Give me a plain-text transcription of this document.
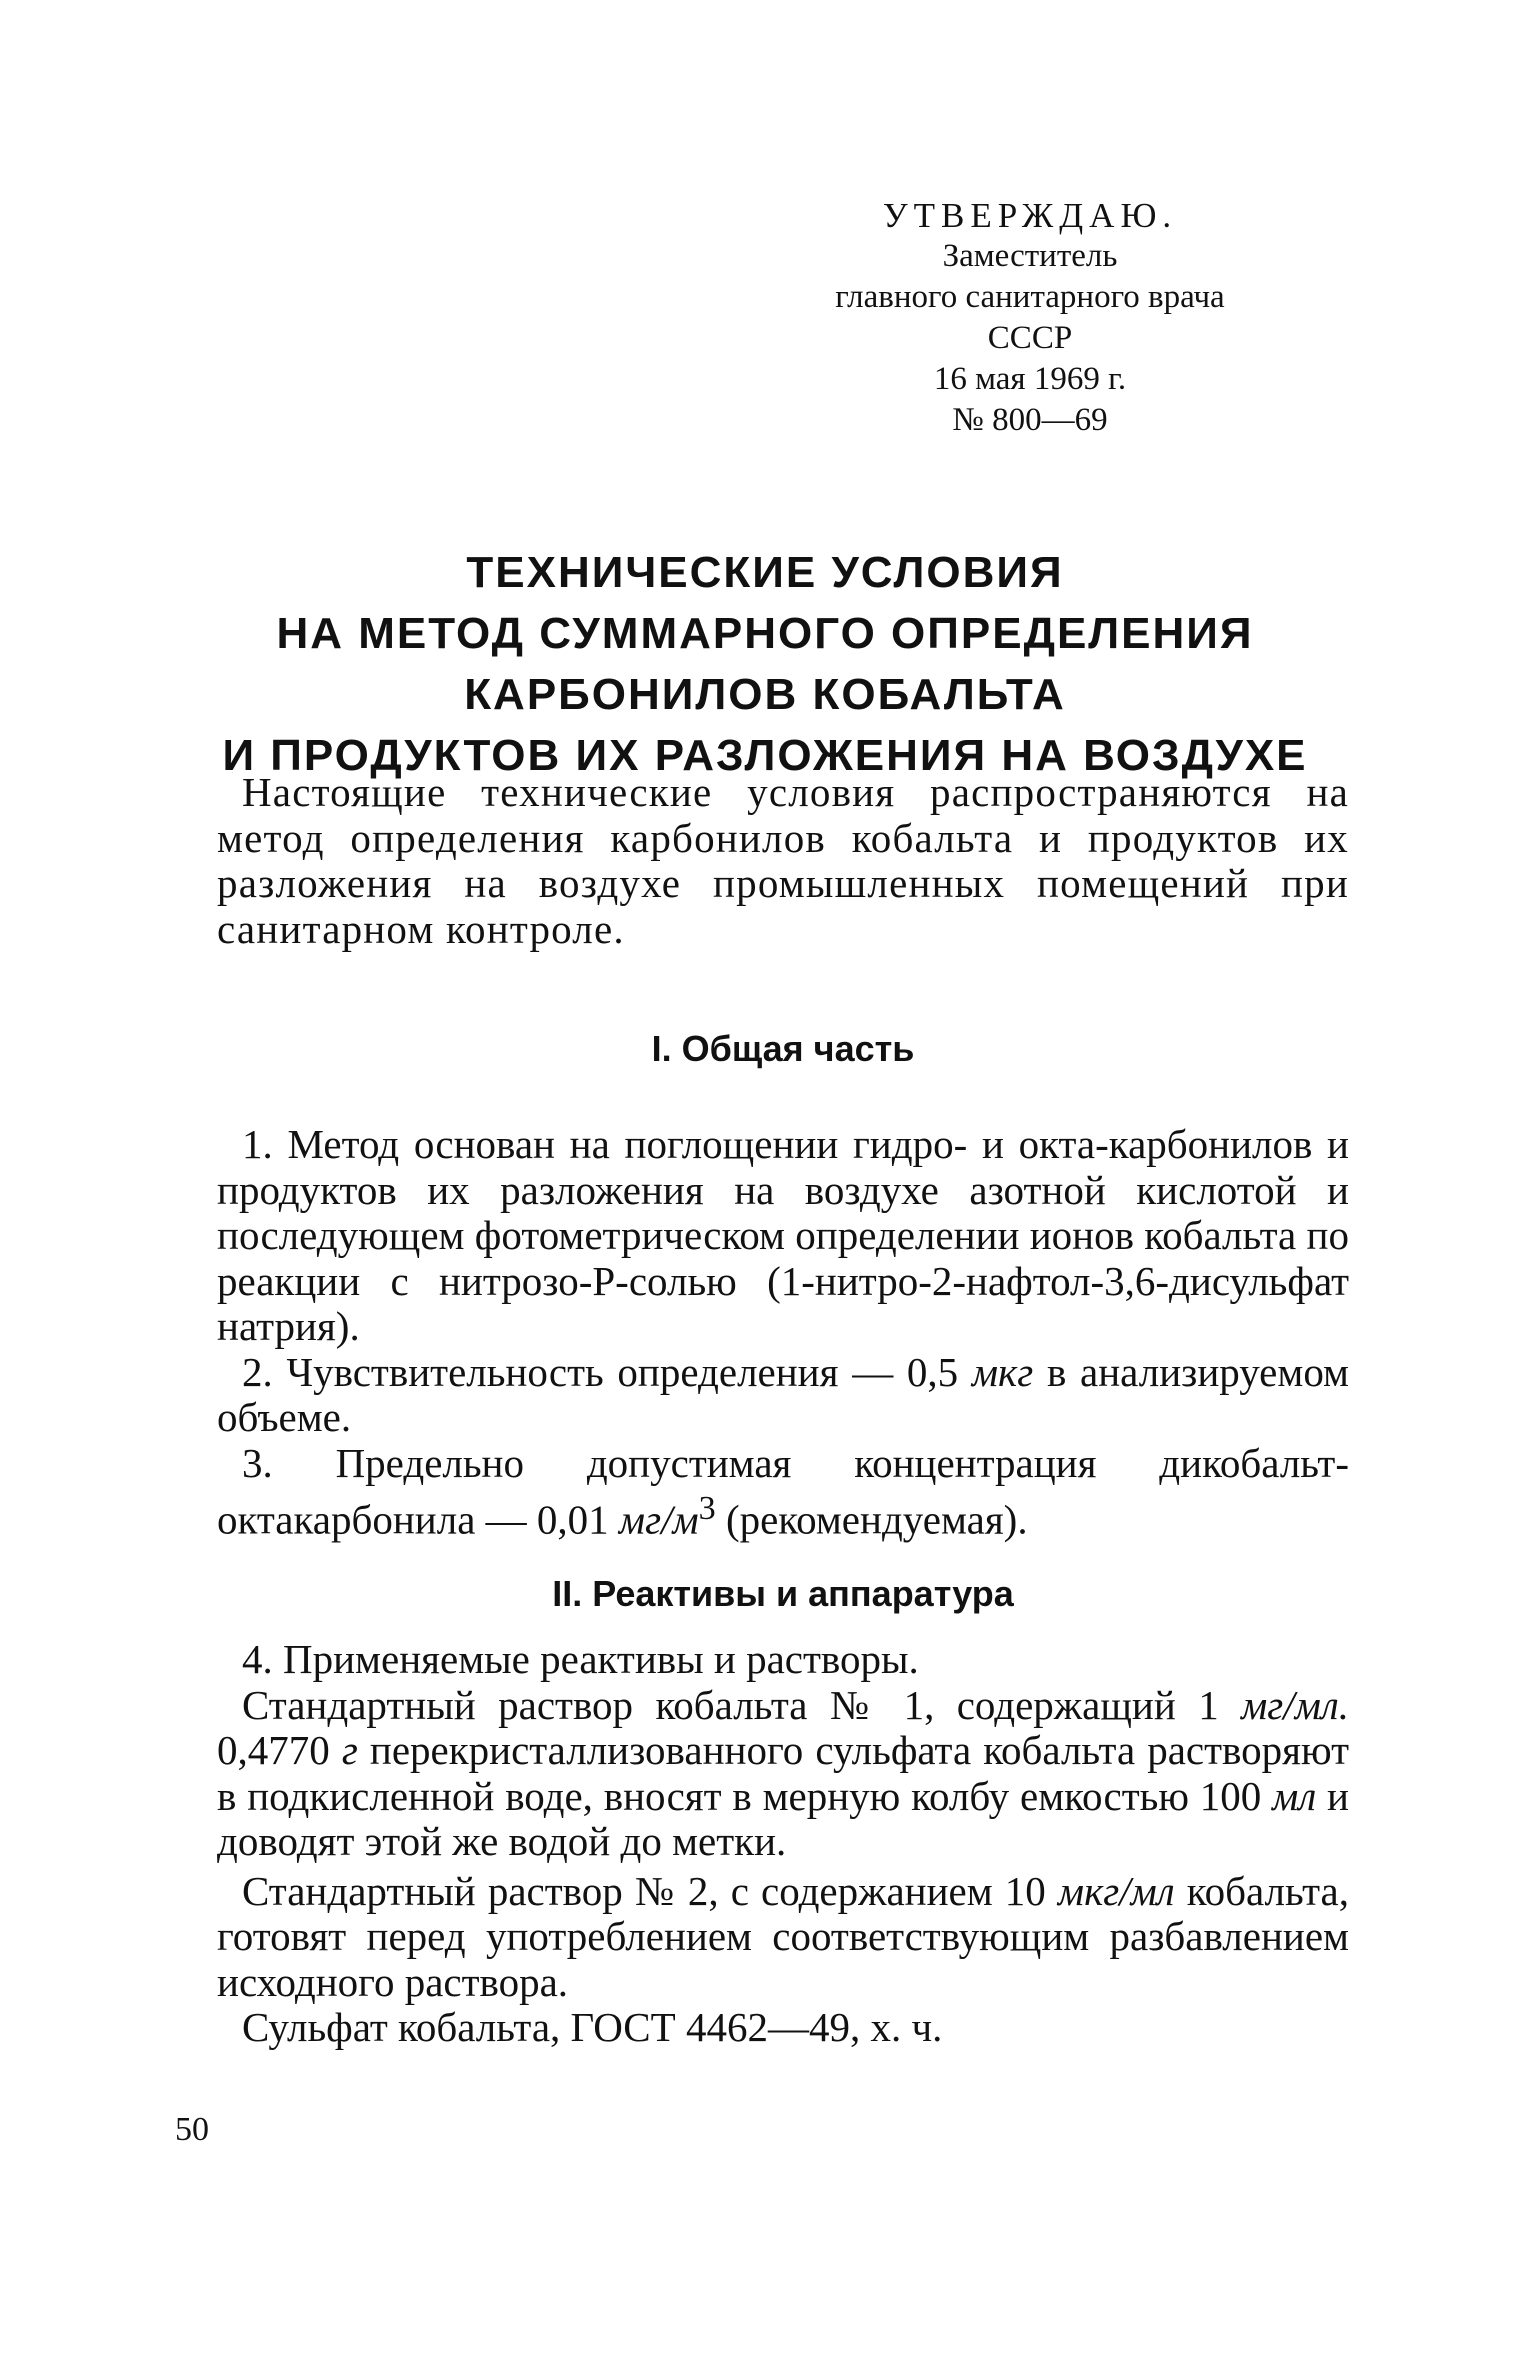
УТВЕРЖДАЮ.
Заместитель
главного санитарного врача
СССР
16 мая 1969 г.
№ 800—69
ТЕХНИЧЕСКИЕ УСЛОВИЯ
НА МЕТОД СУММАРНОГО ОПРЕДЕЛЕНИЯ
КАРБОНИЛОВ КОБАЛЬТА
И ПРОДУКТОВ ИХ РАЗЛОЖЕНИЯ НА ВОЗДУХЕ

Настоящие технические условия распространяются на метод определения карбонилов кобальта и продуктов их разложения на воздухе промышленных помещений при санитарном контроле.

I. Общая часть

1. Метод основан на поглощении гидро- и окта-карбонилов и продуктов их разложения на воздухе азотной кислотой и последующем фотометрическом определении ионов кобальта по реакции с нитрозо-Р-солью (1-нитро-2-нафтол-3,6-дисульфат натрия).

2. Чувствительность определения — 0,5 мкг в анализируемом объеме.

3. Предельно допустимая концентрация дикобальт-октакарбонила — 0,01 $мг/м^3$ (рекомендуемая).

II. Реактивы и аппаратура

4. Применяемые реактивы и растворы.

Стандартный раствор кобальта № 1, содержащий 1 мг/мл. 0,4770 г перекристаллизованного сульфата кобальта растворяют в подкисленной воде, вносят в мерную колбу емкостью 100 мл и доводят этой же водой до метки.

Стандартный раствор № 2, с содержанием 10 мкг/мл кобальта, готовят перед употреблением соответствующим разбавлением исходного раствора.

Сульфат кобальта, ГОСТ 4462—49, х. ч.

50
